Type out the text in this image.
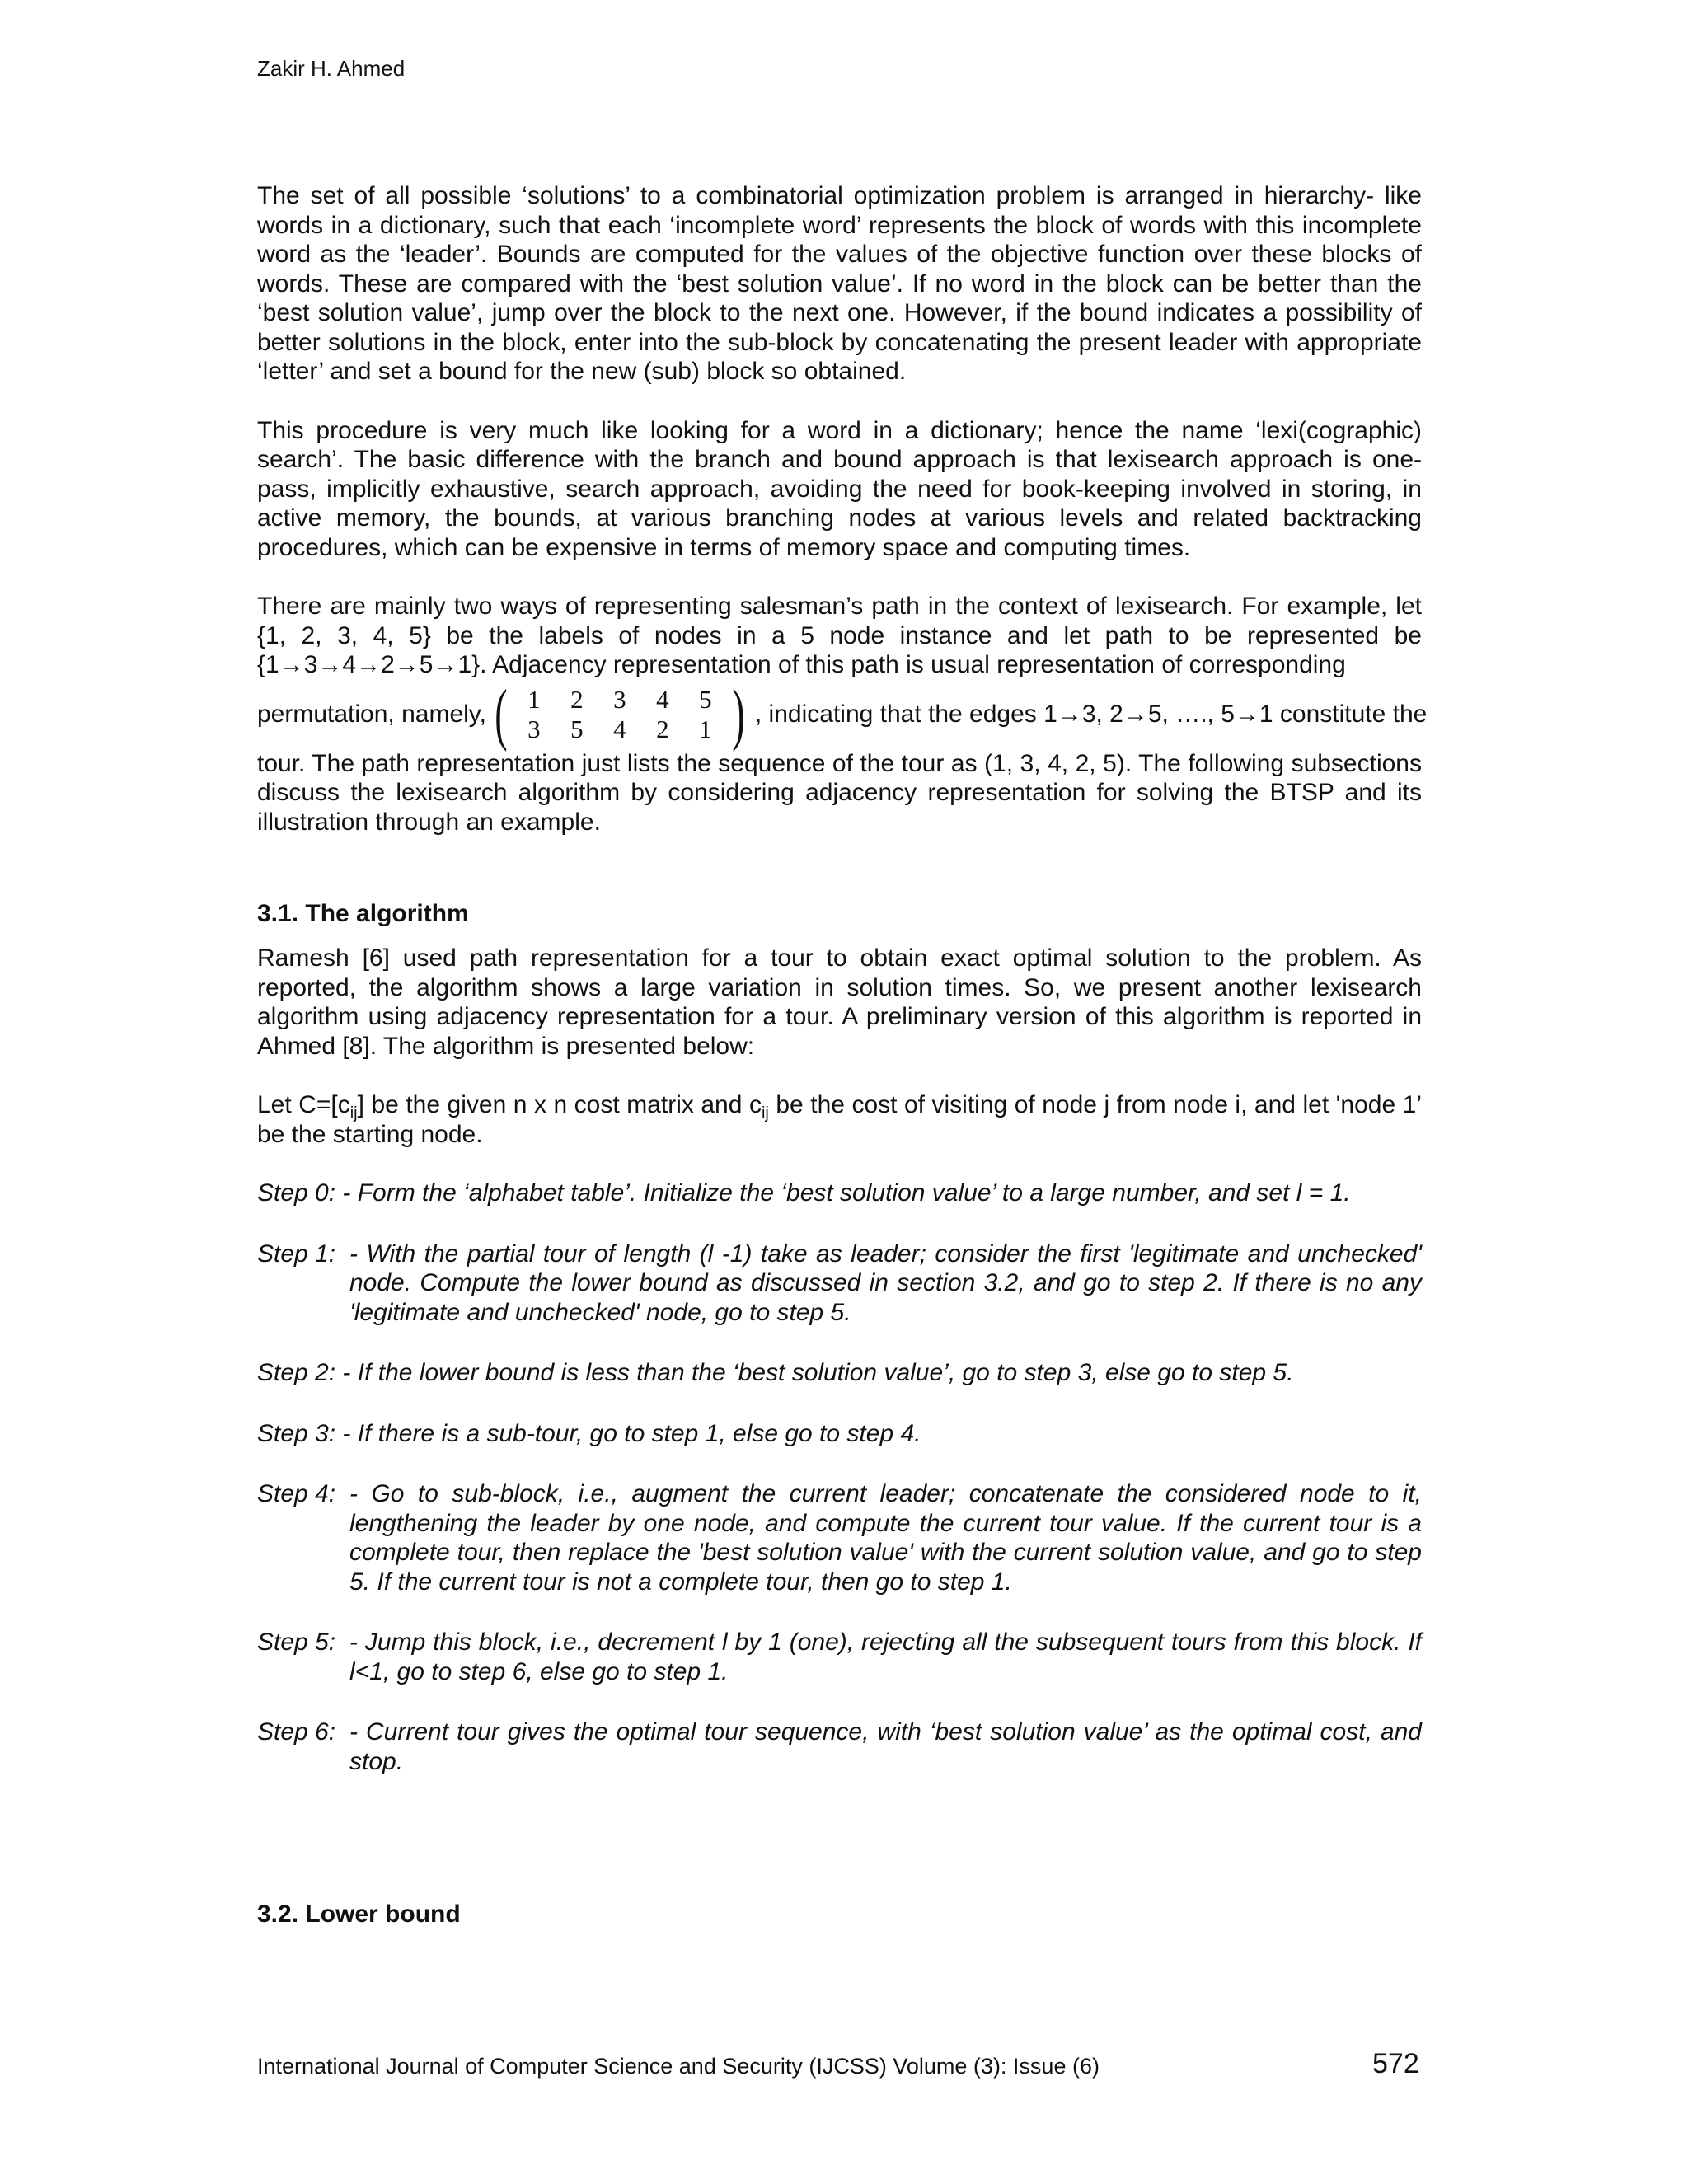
Zakir H. Ahmed

The set of all possible ‘solutions’ to a combinatorial optimization problem is arranged in hierarchy- like words in a dictionary, such that each ‘incomplete word’ represents the block of words with this incomplete word as the ‘leader’. Bounds are computed for the values of the objective function over these blocks of words. These are compared with the ‘best solution value’. If no word in the block can be better than the ‘best solution value’, jump over the block to the next one. However, if the bound indicates a possibility of better solutions in the block, enter into the sub-block by concatenating the present leader with appropriate ‘letter’ and set a bound for the new (sub) block so obtained.

This procedure is very much like looking for a word in a dictionary; hence the name ‘lexi(cographic) search’. The basic difference with the branch and bound approach is that lexisearch approach is one-pass, implicitly exhaustive, search approach, avoiding the need for book-keeping involved in storing, in active memory, the bounds, at various branching nodes at various levels and related backtracking procedures, which can be expensive in terms of memory space and computing times.

There are mainly two ways of representing salesman’s path in the context of lexisearch. For example, let {1, 2, 3, 4, 5} be the labels of nodes in a 5 node instance and let path to be represented be {1→3→4→2→5→1}. Adjacency representation of this path is usual representation of corresponding

permutation, namely, ( 1	2	3	4	5
3	5	4	2	1 ) , indicating that the edges 1→3, 2→5, …., 5→1 constitute the

tour. The path representation just lists the sequence of the tour as (1, 3, 4, 2, 5). The following subsections discuss the lexisearch algorithm by considering adjacency representation for solving the BTSP and its illustration through an example.

3.1. The algorithm

Ramesh [6] used path representation for a tour to obtain exact optimal solution to the problem. As reported, the algorithm shows a large variation in solution times. So, we present another lexisearch algorithm using adjacency representation for a tour. A preliminary version of this algorithm is reported in Ahmed [8]. The algorithm is presented below:

Let $C=[c_{ij}]$ be the given n x n cost matrix and $c_{ij}$ be the cost of visiting of node j from node i, and let 'node 1’ be the starting node.

Step 0: - Form the ‘alphabet table’. Initialize the ‘best solution value’ to a large number, and set l = 1.
Step 1: - With the partial tour of length (l -1) take as leader; consider the first 'legitimate and unchecked' node. Compute the lower bound as discussed in section 3.2, and go to step 2. If there is no any 'legitimate and unchecked' node, go to step 5.
Step 2: - If the lower bound is less than the ‘best solution value’, go to step 3, else go to step 5.
Step 3: - If there is a sub-tour, go to step 1, else go to step 4.
Step 4: - Go to sub-block, i.e., augment the current leader; concatenate the considered node to it, lengthening the leader by one node, and compute the current tour value. If the current tour is a complete tour, then replace the 'best solution value' with the current solution value, and go to step 5. If the current tour is not a complete tour, then go to step 1.
Step 5: - Jump this block, i.e., decrement l by 1 (one), rejecting all the subsequent tours from this block. If l<1, go to step 6, else go to step 1.
Step 6: - Current tour gives the optimal tour sequence, with ‘best solution value’ as the optimal cost, and stop.
3.2. Lower bound
International Journal of Computer Science and Security (IJCSS) Volume (3): Issue (6)	572
